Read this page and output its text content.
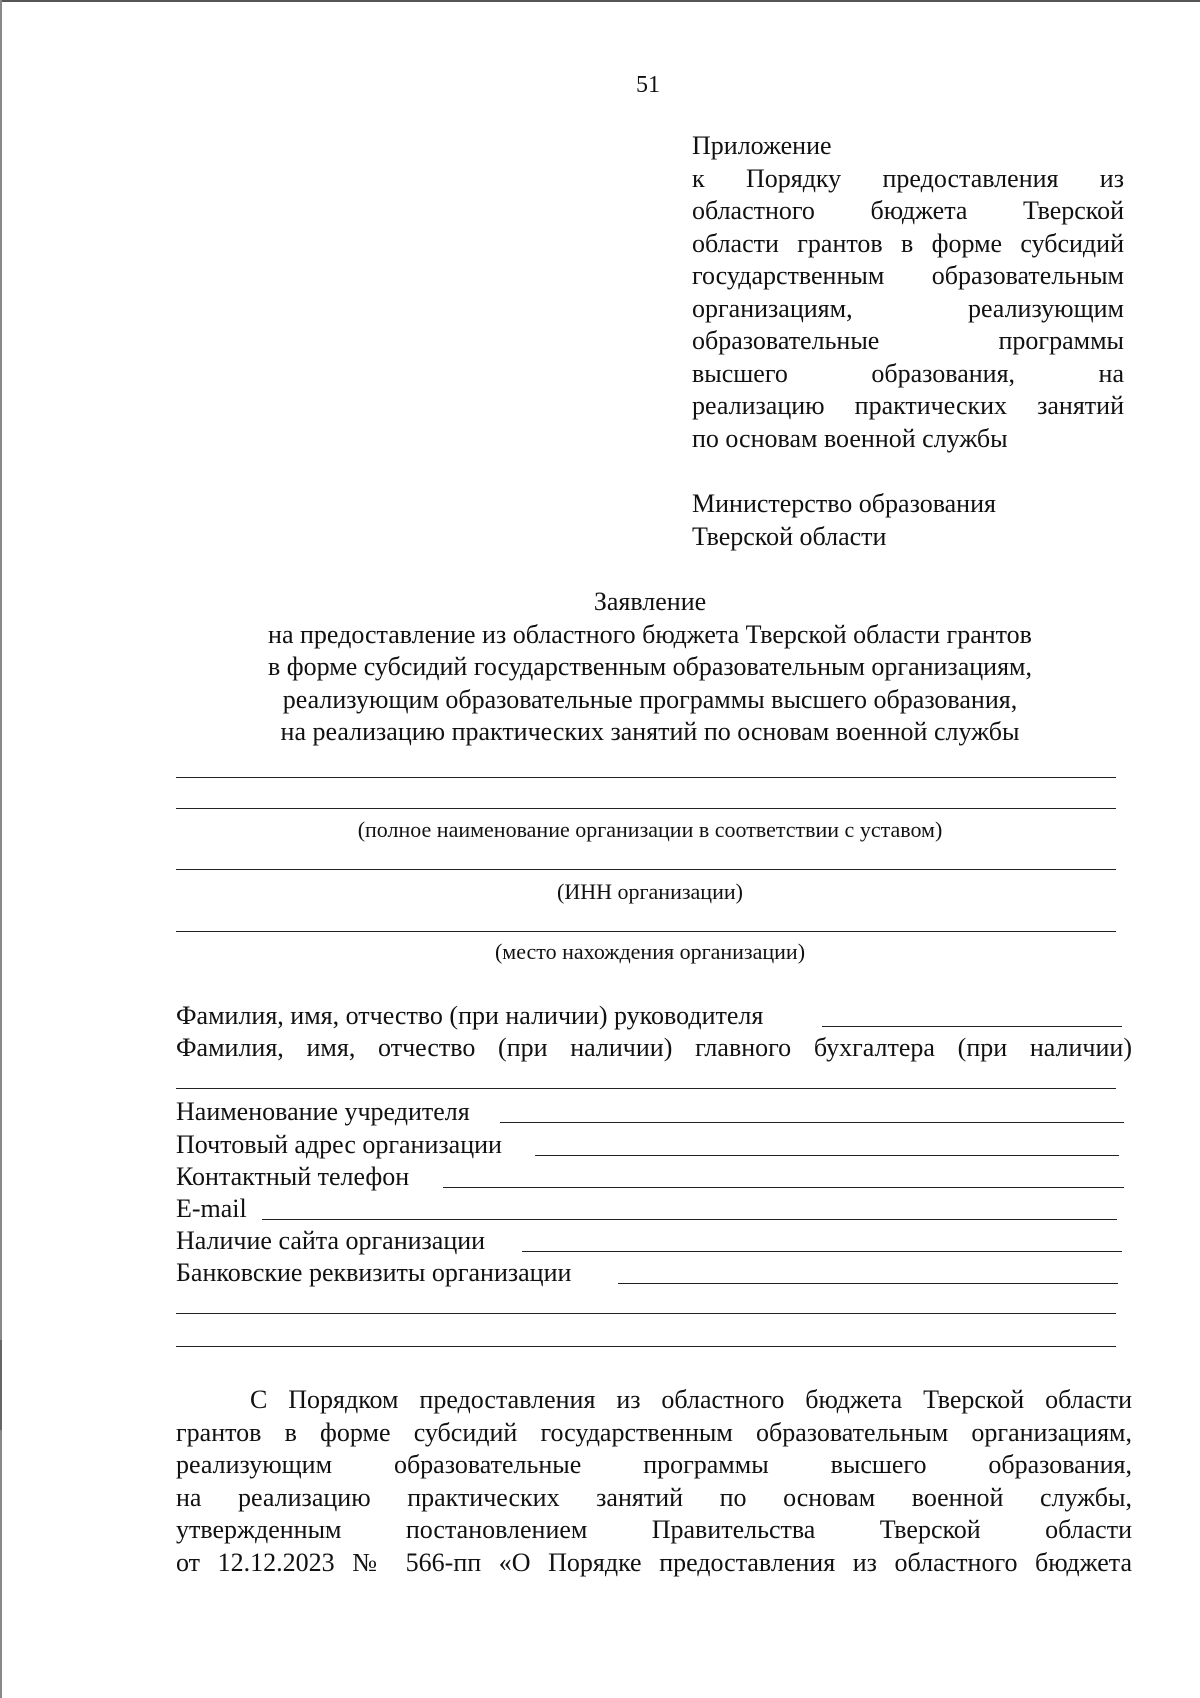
51
Приложение
к Порядку предоставления из
областного бюджета Тверской
области грантов в форме субсидий
государственным образовательным
организациям, реализующим
образовательные программы
высшего образования, на
реализацию практических занятий
по основам военной службы
Министерство образования
Тверской области
Заявление
на предоставление из областного бюджета Тверской области грантов
в форме субсидий государственным образовательным организациям,
реализующим образовательные программы высшего образования,
на реализацию практических занятий по основам военной службы
(полное наименование организации в соответствии с уставом)
(ИНН организации)
(место нахождения организации)
Фамилия, имя, отчество (при наличии) руководителя
Фамилия, имя, отчество (при наличии) главного бухгалтера (при наличии)
Наименование учредителя
Почтовый адрес организации
Контактный телефон
E-mail
Наличие сайта организации
Банковские реквизиты организации
С Порядком предоставления из областного бюджета Тверской области
грантов в форме субсидий государственным образовательным организациям,
реализующим образовательные программы высшего образования,
на реализацию практических занятий по основам военной службы,
утвержденным постановлением Правительства Тверской области
от 12.12.2023 № 566-пп «О Порядке предоставления из областного бюджета
